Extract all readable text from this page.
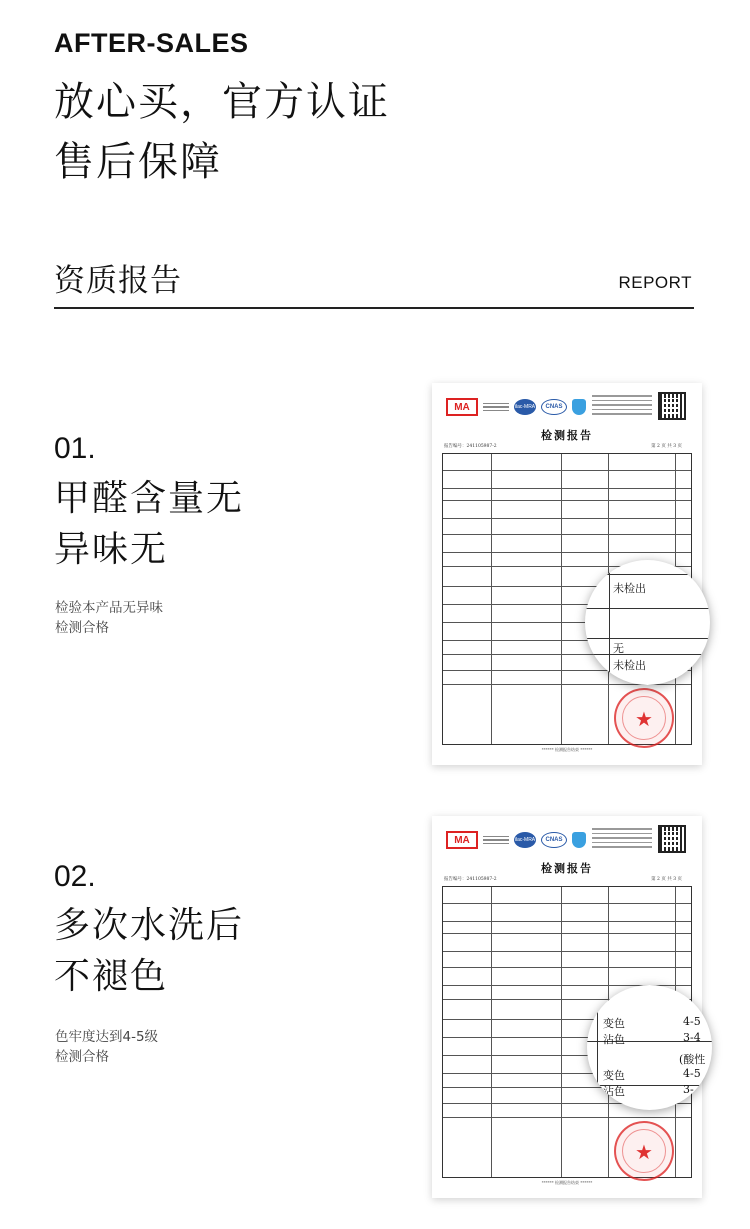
AFTER-SALES
放心买，官方认证
售后保障
资质报告	REPORT
01.
甲醛含量无
异味无
检验本产品无异味
检测合格
02.
多次水洗后
不褪色
色牢度达到4-5级
检测合格
MA	ilac-MRA	CNAS
检测报告
报告编号：241105987-2	第 2 页 共 3 页
★
****** 检测报告结束 ******
未检出
无
未检出
MA	ilac-MRA	CNAS
检测报告
报告编号：241105987-2	第 2 页 共 3 页
★
****** 检测报告结束 ******
变色	4-5
沾色	3-4
(酸性
变色	4-5
沾色	3-
(不用
